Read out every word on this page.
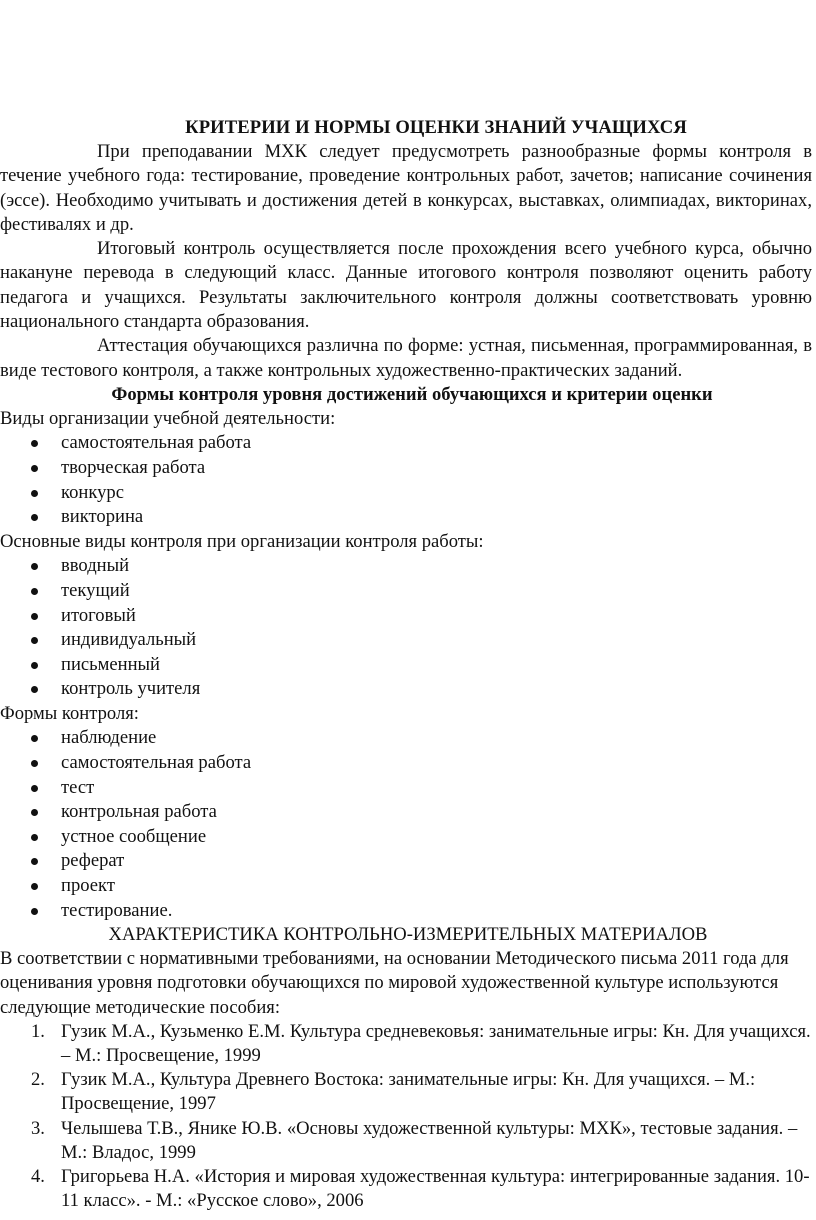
КРИТЕРИИ И НОРМЫ ОЦЕНКИ ЗНАНИЙ УЧАЩИХСЯ

При преподавании МХК следует предусмотреть разнообразные формы контроля в течение учебного года: тестирование, проведение контрольных работ, зачетов; написание сочинения (эссе). Необходимо учитывать и достижения детей в конкурсах, выставках, олимпиадах, викторинах, фестивалях и др.

Итоговый контроль осуществляется после прохождения всего учебного курса, обычно накануне перевода в следующий класс. Данные итогового контроля позволяют оценить работу педагога и учащихся. Результаты заключительного контроля должны соответствовать уровню национального стандарта образования.

Аттестация обучающихся различна по форме: устная, письменная, программированная, в виде тестового контроля, а также контрольных художественно-практических заданий.

Формы контроля уровня достижений обучающихся и критерии оценки

Виды организации учебной деятельности:

самостоятельная работа
творческая работа
конкурс
викторина

Основные виды контроля при организации контроля работы:

вводный
текущий
итоговый
индивидуальный
письменный
контроль учителя

Формы контроля:

наблюдение
самостоятельная работа
тест
контрольная работа
устное сообщение
реферат
проект
тестирование.

ХАРАКТЕРИСТИКА КОНТРОЛЬНО-ИЗМЕРИТЕЛЬНЫХ МАТЕРИАЛОВ

В соответствии с нормативными требованиями, на основании Методического письма 2011 года для оценивания уровня подготовки обучающихся по мировой художественной культуре используются следующие методические пособия:

1. Гузик М.А., Кузьменко Е.М. Культура средневековья: занимательные игры: Кн. Для учащихся. – М.: Просвещение, 1999
2. Гузик М.А., Культура Древнего Востока: занимательные игры: Кн. Для учащихся. – М.: Просвещение, 1997
3. Челышева Т.В., Янике Ю.В. «Основы художественной культуры: МХК», тестовые задания. – М.: Владос, 1999
4. Григорьева Н.А. «История и мировая художественная культура: интегрированные задания. 10-11 класс». - М.: «Русское слово», 2006
